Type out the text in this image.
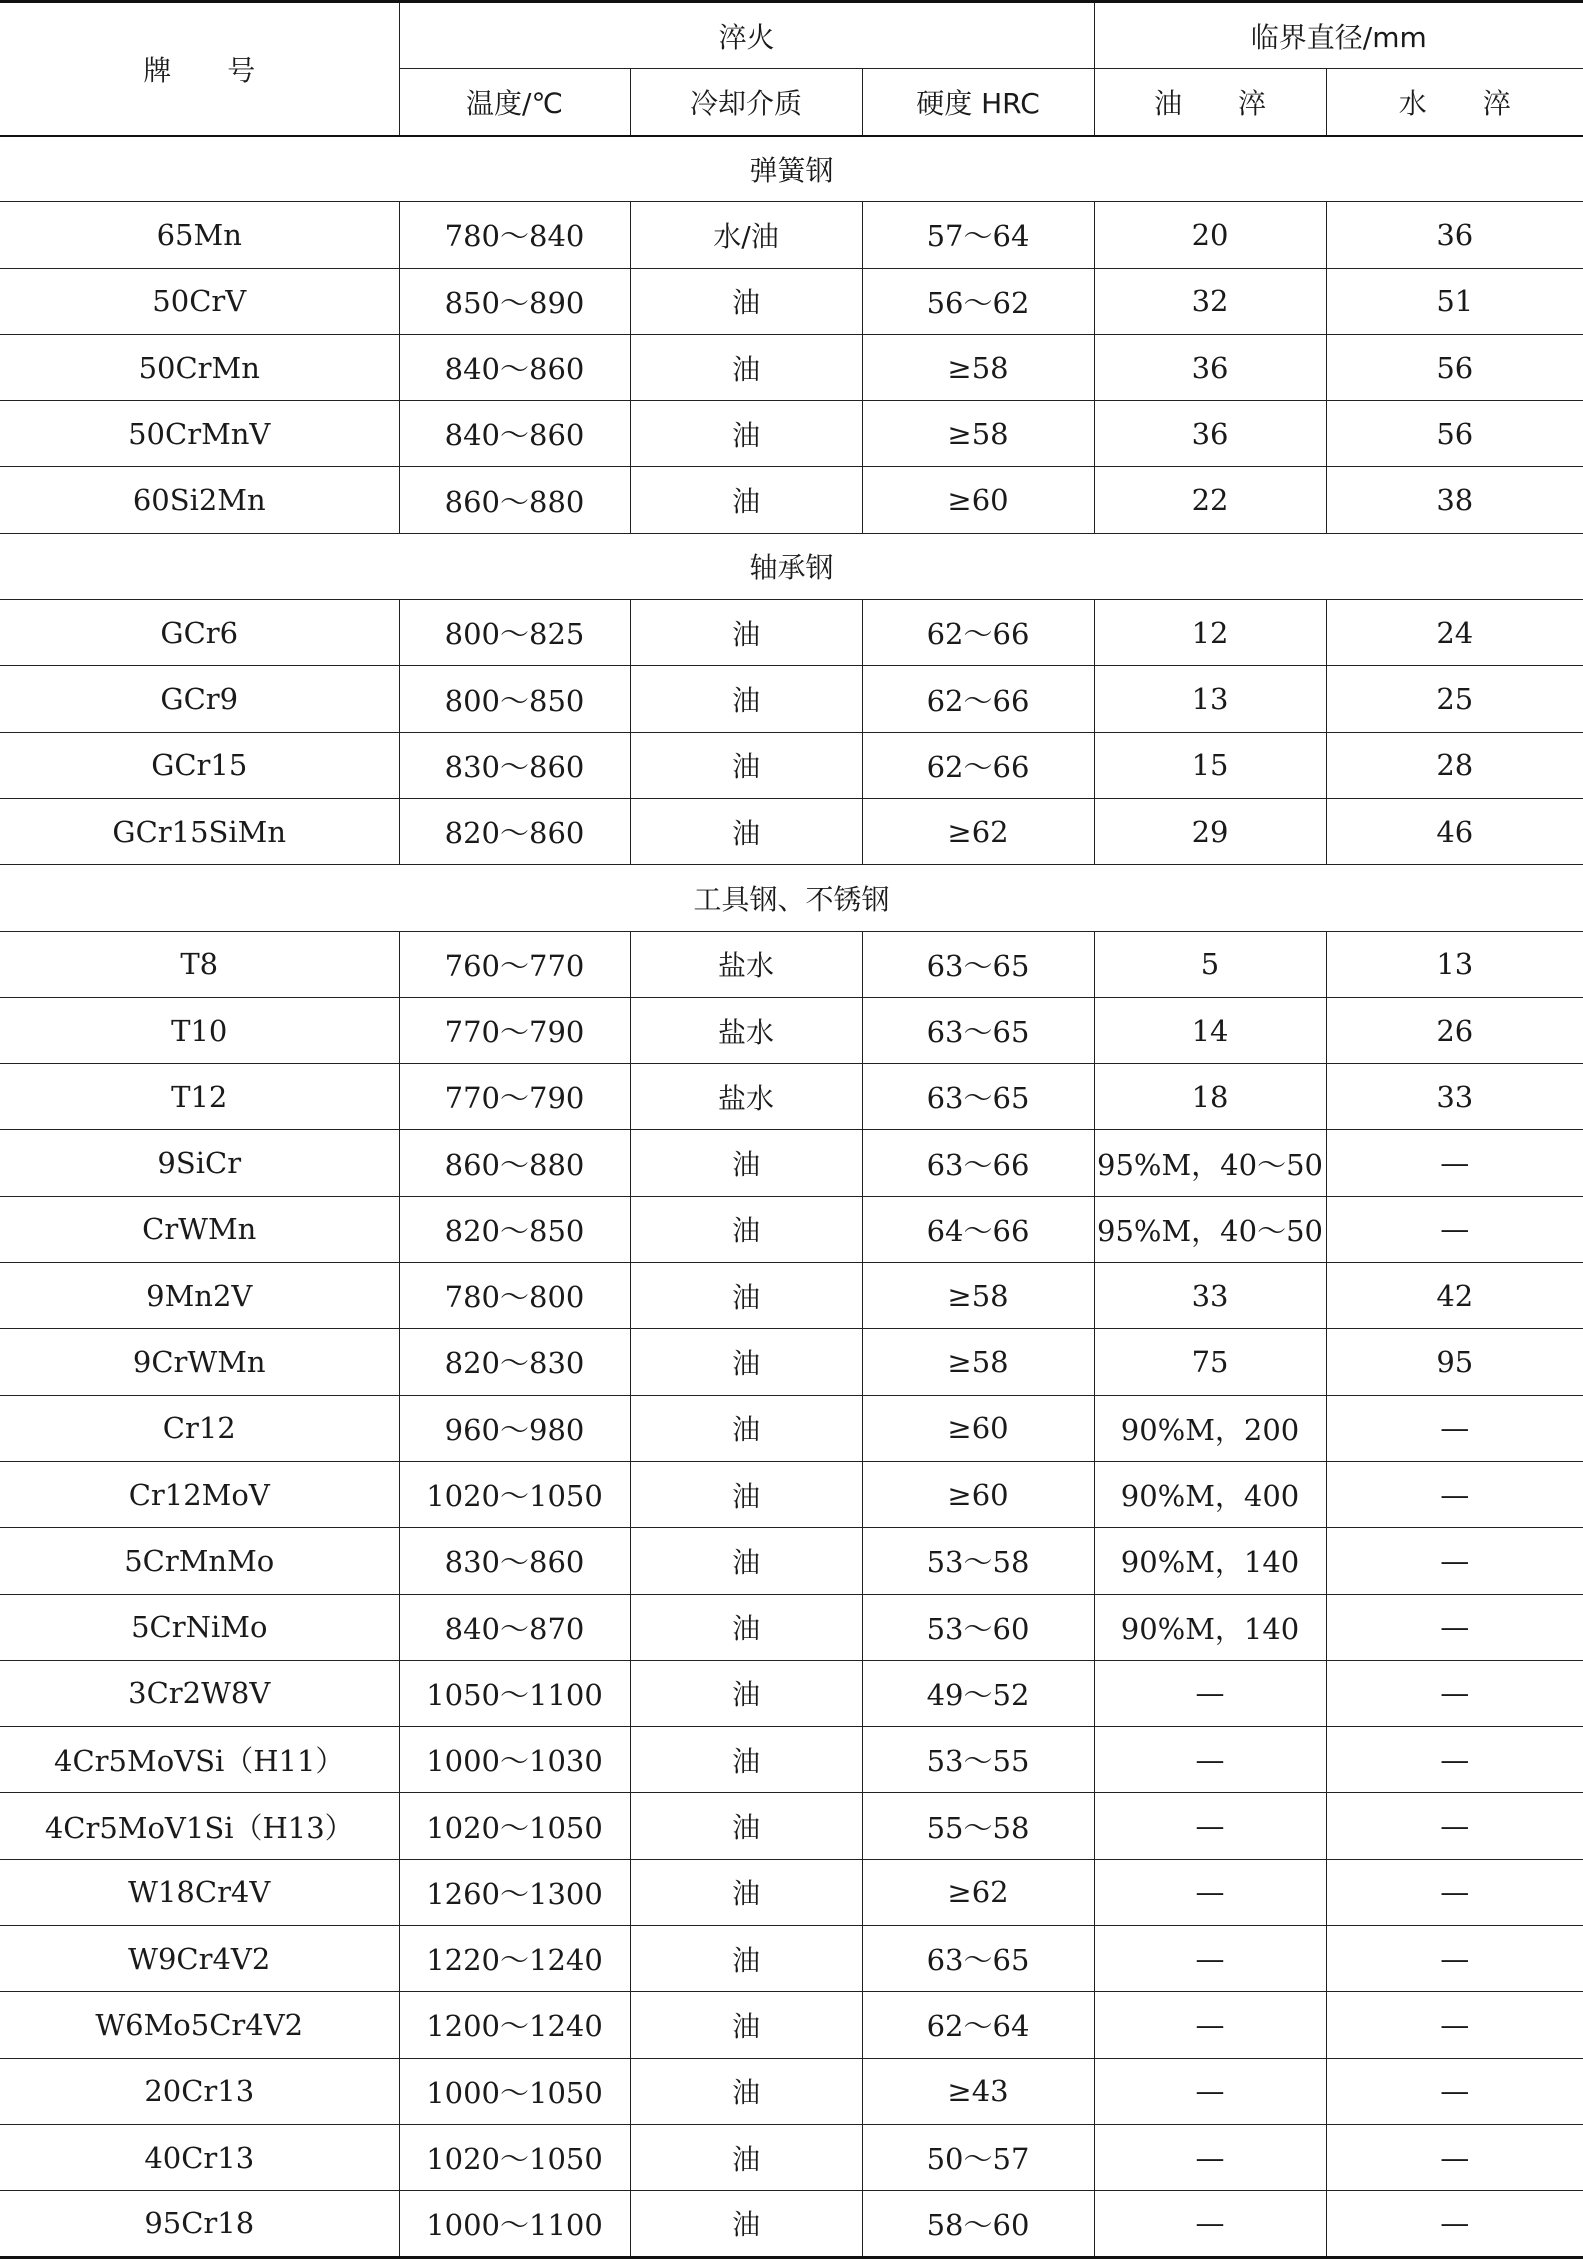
牌　　号	淬火			临界直径/mm	
	温度/℃	冷却介质	硬度 HRC	油　　淬	水　　淬
弹簧钢					
65Mn	780～840	水/油	57～64	20	36
50CrV	850～890	油	56～62	32	51
50CrMn	840～860	油	≥58	36	56
50CrMnV	840～860	油	≥58	36	56
60Si2Mn	860～880	油	≥60	22	38
轴承钢					
GCr6	800～825	油	62～66	12	24
GCr9	800～850	油	62～66	13	25
GCr15	830～860	油	62～66	15	28
GCr15SiMn	820～860	油	≥62	29	46
工具钢、不锈钢					
T8	760～770	盐水	63～65	5	13
T10	770～790	盐水	63～65	14	26
T12	770～790	盐水	63～65	18	33
9SiCr	860～880	油	63～66	95%M，40～50	—
CrWMn	820～850	油	64～66	95%M，40～50	—
9Mn2V	780～800	油	≥58	33	42
9CrWMn	820～830	油	≥58	75	95
Cr12	960～980	油	≥60	90%M，200	—
Cr12MoV	1020～1050	油	≥60	90%M，400	—
5CrMnMo	830～860	油	53～58	90%M，140	—
5CrNiMo	840～870	油	53～60	90%M，140	—
3Cr2W8V	1050～1100	油	49～52	—	—
4Cr5MoVSi（H11）	1000～1030	油	53～55	—	—
4Cr5MoV1Si（H13）	1020～1050	油	55～58	—	—
W18Cr4V	1260～1300	油	≥62	—	—
W9Cr4V2	1220～1240	油	63～65	—	—
W6Mo5Cr4V2	1200～1240	油	62～64	—	—
20Cr13	1000～1050	油	≥43	—	—
40Cr13	1020～1050	油	50～57	—	—
95Cr18	1000～1100	油	58～60	—	—
